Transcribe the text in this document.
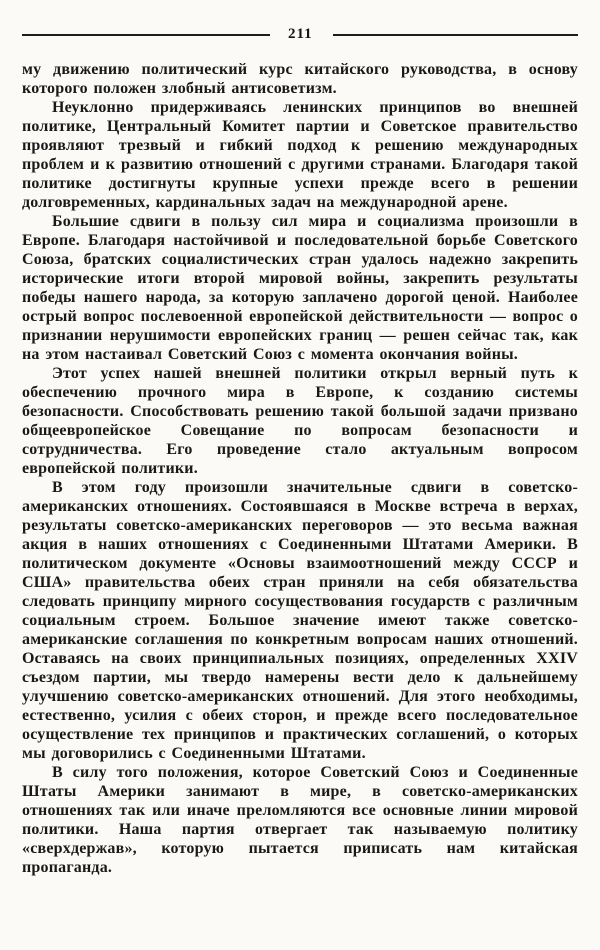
211

му движению политический курс китайского руководства, в основу которого положен злобный антисоветизм.

Неуклонно придерживаясь ленинских принципов во внешней политике, Центральный Комитет партии и Советское правительство проявляют трезвый и гибкий подход к решению международных проблем и к развитию отношений с другими странами. Благодаря такой политике достигнуты крупные успехи прежде всего в решении долговременных, кардинальных задач на международной арене.

Большие сдвиги в пользу сил мира и социализма произошли в Европе. Благодаря настойчивой и последовательной борьбе Советского Союза, братских социалистических стран удалось надежно закрепить исторические итоги второй мировой войны, закрепить результаты победы нашего народа, за которую заплачено дорогой ценой. Наиболее острый вопрос послевоенной европейской действительности — вопрос о признании нерушимости европейских границ — решен сейчас так, как на этом настаивал Советский Союз с момента окончания войны.

Этот успех нашей внешней политики открыл верный путь к обеспечению прочного мира в Европе, к созданию системы безопасности. Способствовать решению такой большой задачи призвано общеевропейское Совещание по вопросам безопасности и сотрудничества. Его проведение стало актуальным вопросом европейской политики.

В этом году произошли значительные сдвиги в советско-американских отношениях. Состоявшаяся в Москве встреча в верхах, результаты советско-американских переговоров — это весьма важная акция в наших отношениях с Соединенными Штатами Америки. В политическом документе «Основы взаимоотношений между СССР и США» правительства обеих стран приняли на себя обязательства следовать принципу мирного сосуществования государств с различным социальным строем. Большое значение имеют также советско-американские соглашения по конкретным вопросам наших отношений. Оставаясь на своих принципиальных позициях, определенных XXIV съездом партии, мы твердо намерены вести дело к дальнейшему улучшению советско-американских отношений. Для этого необходимы, естественно, усилия с обеих сторон, и прежде всего последовательное осуществление тех принципов и практических соглашений, о которых мы договорились с Соединенными Штатами.

В силу того положения, которое Советский Союз и Соединенные Штаты Америки занимают в мире, в советско-американских отношениях так или иначе преломляются все основные линии мировой политики. Наша партия отвергает так называемую политику «сверхдержав», которую пытается приписать нам китайская пропаганда.
